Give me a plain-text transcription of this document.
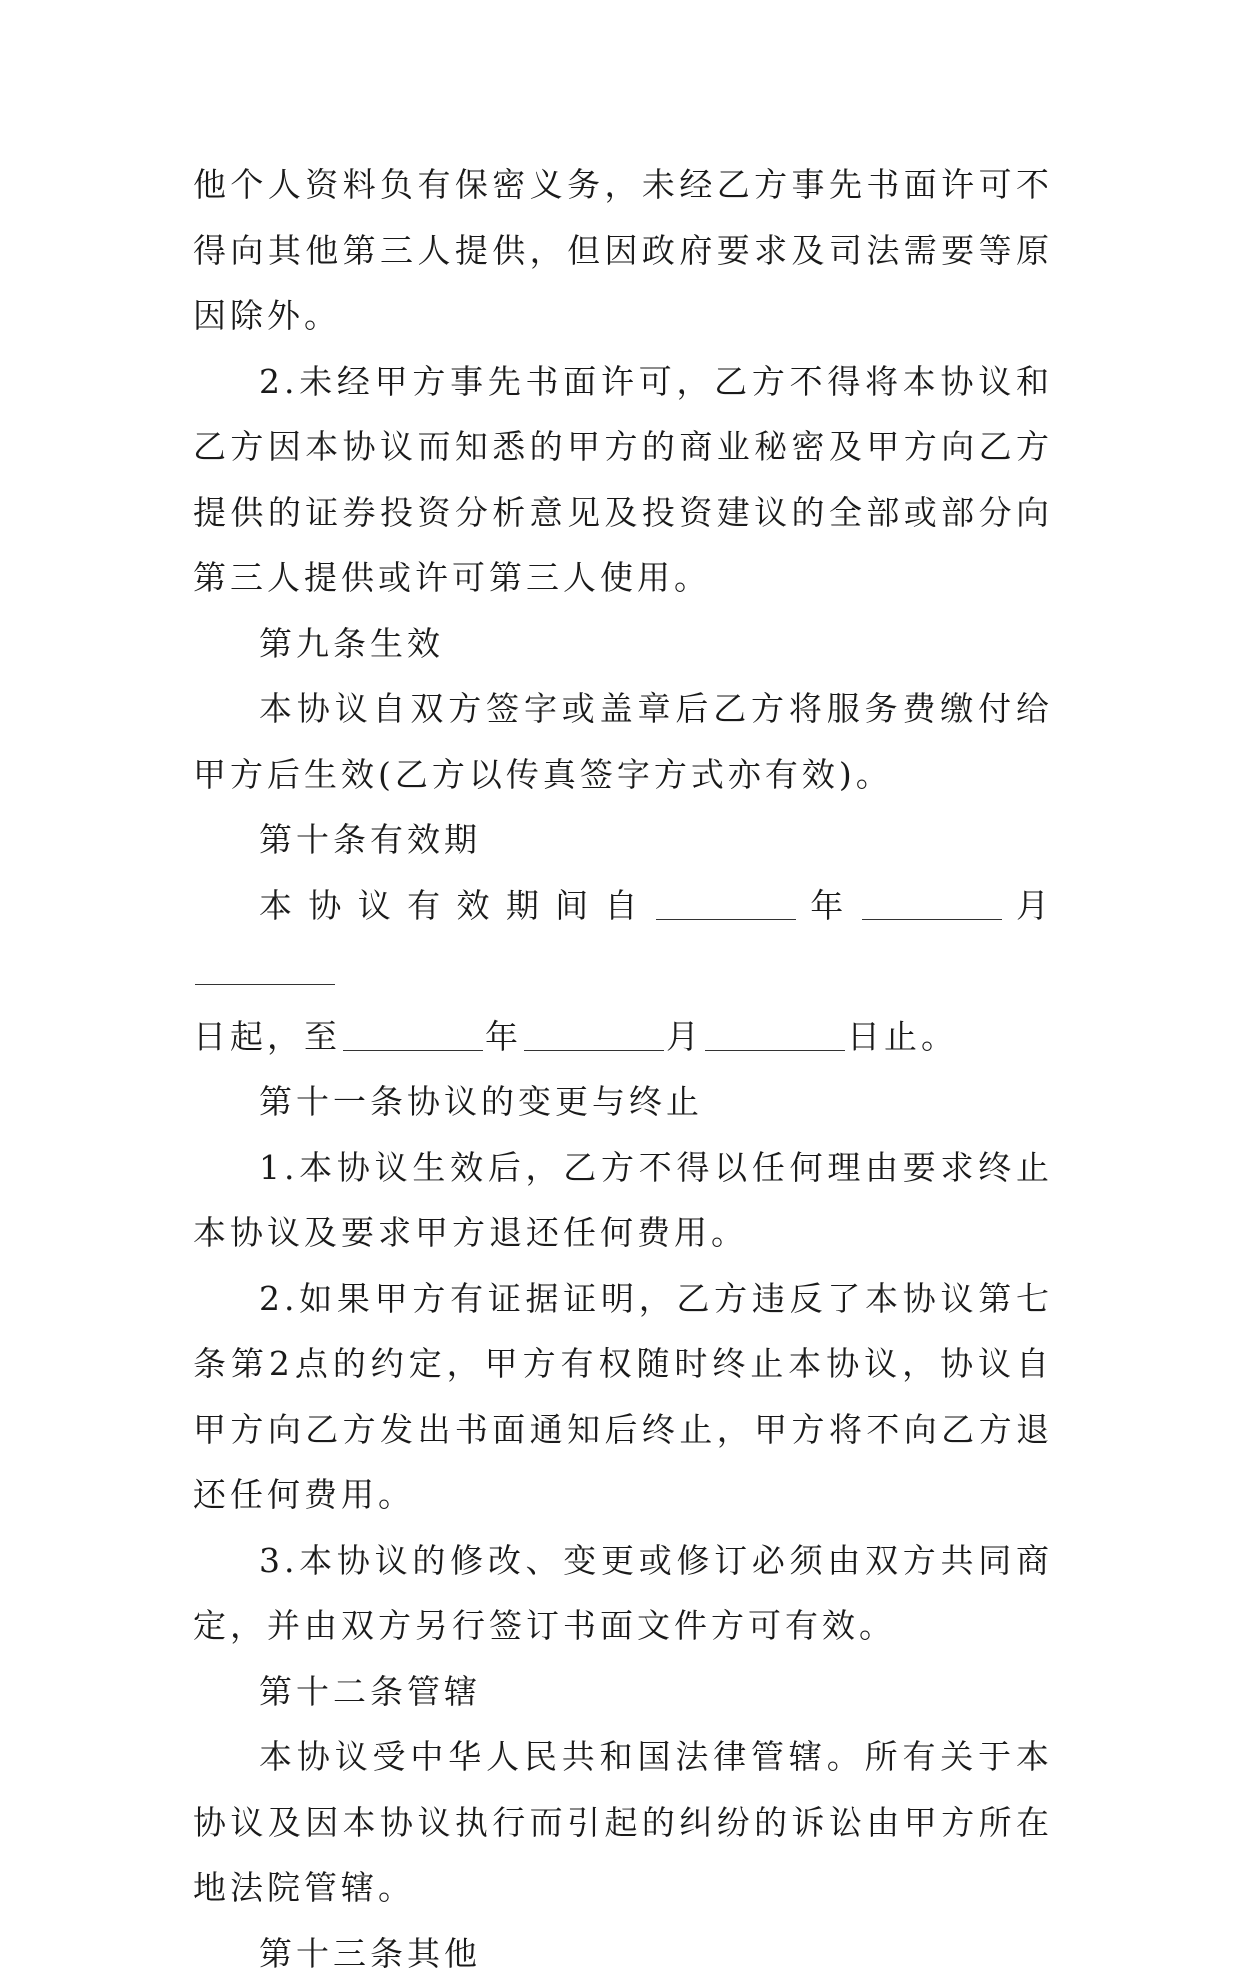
他个人资料负有保密义务，未经乙方事先书面许可不得向其他第三人提供，但因政府要求及司法需要等原因除外。

2.未经甲方事先书面许可，乙方不得将本协议和乙方因本协议而知悉的甲方的商业秘密及甲方向乙方提供的证券投资分析意见及投资建议的全部或部分向第三人提供或许可第三人使用。

第九条生效

本协议自双方签字或盖章后乙方将服务费缴付给甲方后生效(乙方以传真签字方式亦有效)。

第十条有效期

本协议有效期间自	年	月
日起，至	年	月	日止。

第十一条协议的变更与终止

1.本协议生效后，乙方不得以任何理由要求终止本协议及要求甲方退还任何费用。

2.如果甲方有证据证明，乙方违反了本协议第七条第2点的约定，甲方有权随时终止本协议，协议自甲方向乙方发出书面通知后终止，甲方将不向乙方退还任何费用。

3.本协议的修改、变更或修订必须由双方共同商定，并由双方另行签订书面文件方可有效。

第十二条管辖

本协议受中华人民共和国法律管辖。所有关于本协议及因本协议执行而引起的纠纷的诉讼由甲方所在地法院管辖。

第十三条其他
